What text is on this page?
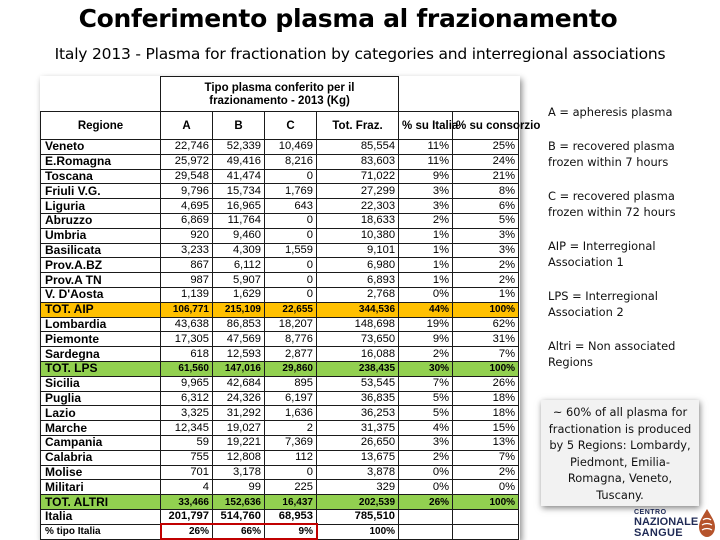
Conferimento plasma al frazionamento
Italy 2013 - Plasma for fractionation by categories and interregional associations
	Tipo plasma conferito per il frazionamento - 2013 (Kg)					
Regione	A	B	C	Tot. Fraz.	% su Italia	% su consorzio
Veneto	22,746	52,339	10,469	85,554	11%	25%
E.Romagna	25,972	49,416	8,216	83,603	11%	24%
Toscana	29,548	41,474	0	71,022	9%	21%
Friuli V.G.	9,796	15,734	1,769	27,299	3%	8%
Liguria	4,695	16,965	643	22,303	3%	6%
Abruzzo	6,869	11,764	0	18,633	2%	5%
Umbria	920	9,460	0	10,380	1%	3%
Basilicata	3,233	4,309	1,559	9,101	1%	3%
Prov.A.BZ	867	6,112	0	6,980	1%	2%
Prov.A TN	987	5,907	0	6,893	1%	2%
V. D'Aosta	1,139	1,629	0	2,768	0%	1%
TOT. AIP	106,771	215,109	22,655	344,536	44%	100%
Lombardia	43,638	86,853	18,207	148,698	19%	62%
Piemonte	17,305	47,569	8,776	73,650	9%	31%
Sardegna	618	12,593	2,877	16,088	2%	7%
TOT. LPS	61,560	147,016	29,860	238,435	30%	100%
Sicilia	9,965	42,684	895	53,545	7%	26%
Puglia	6,312	24,326	6,197	36,835	5%	18%
Lazio	3,325	31,292	1,636	36,253	5%	18%
Marche	12,345	19,027	2	31,375	4%	15%
Campania	59	19,221	7,369	26,650	3%	13%
Calabria	755	12,808	112	13,675	2%	7%
Molise	701	3,178	0	3,878	0%	2%
Militari	4	99	225	329	0%	0%
TOT. ALTRI	33,466	152,636	16,437	202,539	26%	100%
Italia	201,797	514,760	68,953	785,510		
% tipo Italia	26%	66%	9%	100%		
A = apheresis plasma
B = recovered plasma frozen within 7 hours
C = recovered plasma frozen within 72 hours
AIP = Interregional Association 1
LPS = Interregional Association 2
Altri = Non associated Regions
~ 60% of all plasma for fractionation is produced by 5 Regions: Lombardy, Piedmont, Emilia-Romagna, Veneto, Tuscany.
CENTRO
NAZIONALE
SANGUE
